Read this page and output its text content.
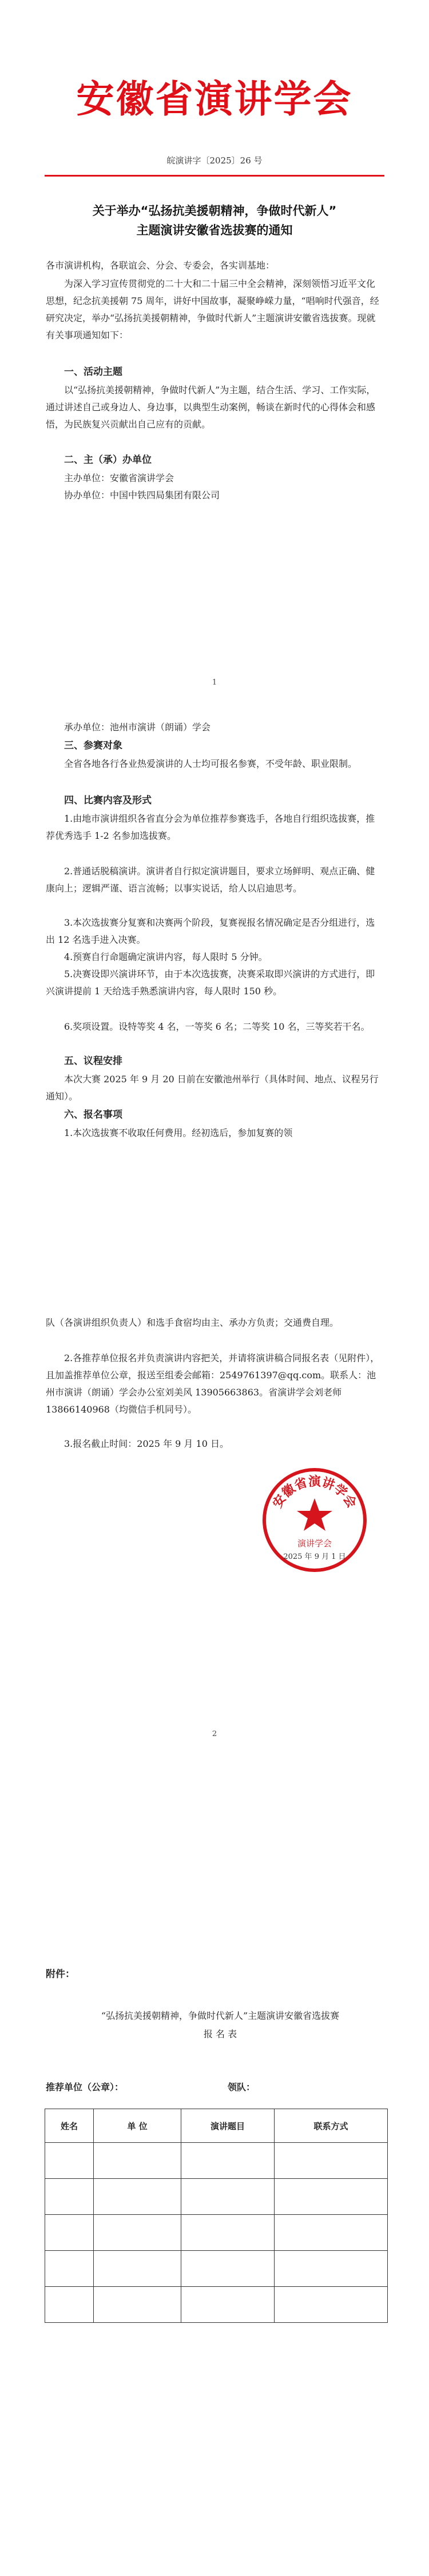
安徽省演讲学会
皖演讲字〔2025〕26 号
关于举办“弘扬抗美援朝精神，争做时代新人”
主题演讲安徽省选拔赛的通知
各市演讲机构，各联谊会、分会、专委会，各实训基地：
为深入学习宣传贯彻党的二十大和二十届三中全会精神，深刻领悟习近平文化思想，纪念抗美援朝 75 周年，讲好中国故事，凝聚峥嵘力量，“唱响时代强音，经研究决定，举办“弘扬抗美援朝精神，争做时代新人”主题演讲安徽省选拔赛。现就有关事项通知如下：
一、活动主题
以“弘扬抗美援朝精神，争做时代新人”为主题，结合生活、学习、工作实际，通过讲述自己或身边人、身边事，以典型生动案例，畅谈在新时代的心得体会和感悟，为民族复兴贡献出自己应有的贡献。
二、主（承）办单位
主办单位：安徽省演讲学会
协办单位：中国中铁四局集团有限公司
1
承办单位：池州市演讲（朗诵）学会
三、参赛对象
全省各地各行各业热爱演讲的人士均可报名参赛，不受年龄、职业限制。
四、比赛内容及形式
1.由地市演讲组织各省直分会为单位推荐参赛选手，各地自行组织选拔赛，推荐优秀选手 1-2 名参加选拔赛。
2.普通话脱稿演讲。演讲者自行拟定演讲题目，要求立场鲜明、观点正确、健康向上；逻辑严谨、语言流畅；以事实说话，给人以启迪思考。
3.本次选拔赛分复赛和决赛两个阶段，复赛视报名情况确定是否分组进行，选出 12 名选手进入决赛。
4.预赛自行命题确定演讲内容，每人限时 5 分钟。
5.决赛设即兴演讲环节，由于本次选拔赛，决赛采取即兴演讲的方式进行，即兴演讲提前 1 天给选手熟悉演讲内容，每人限时 150 秒。
6.奖项设置。设特等奖 4 名，一等奖 6 名；二等奖 10 名，三等奖若干名。
五、议程安排
本次大赛 2025 年 9 月 20 日前在安徽池州举行（具体时间、地点、议程另行通知）。
六、报名事项
1.本次选拔赛不收取任何费用。经初选后，参加复赛的领
队（各演讲组织负责人）和选手食宿均由主、承办方负责；交通费自理。
2.各推荐单位报名并负责演讲内容把关，并请将演讲稿合同报名表（见附件），且加盖推荐单位公章，报送至组委会邮箱：2549761397@qq.com。联系人：池州市演讲（朗诵）学会办公室刘美风 13905663863。省演讲学会刘老师 13866140968（均微信手机同号）。
3.报名截止时间：2025 年 9 月 10 日。
安徽省演讲学会
演讲学会
2025 年 9 月 1 日
2
附件：
“弘扬抗美援朝精神，争做时代新人”主题演讲安徽省选拔赛
报 名 表
推荐单位（公章）：	领队：
姓名	单 位	演讲题目	联系方式
